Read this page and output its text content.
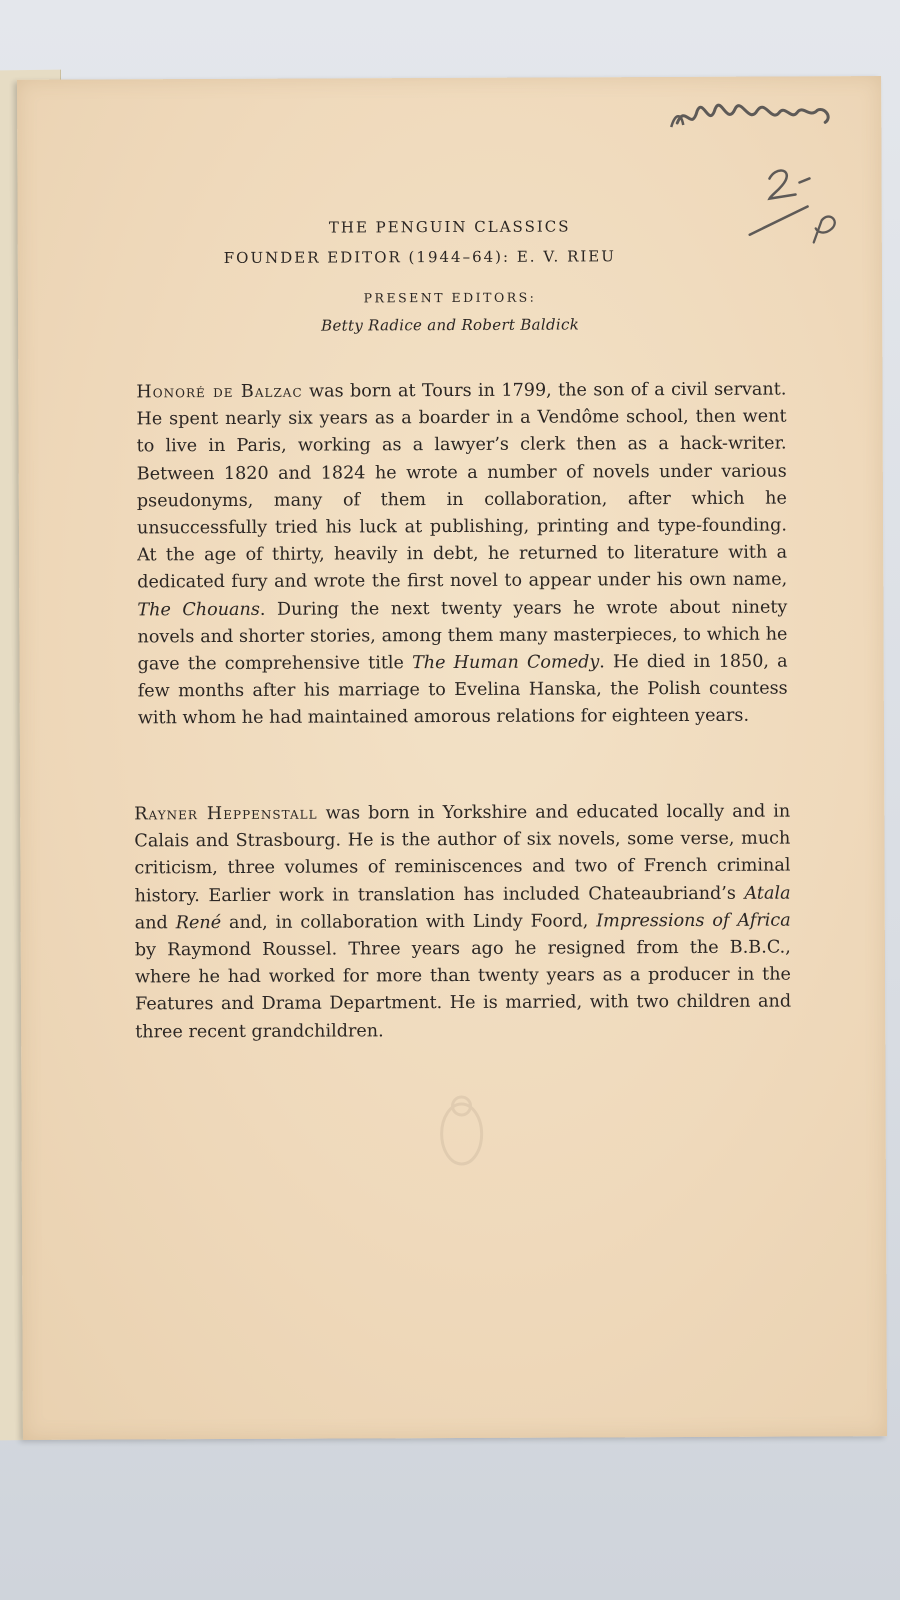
THE PENGUIN CLASSICS
FOUNDER EDITOR (1944–64): E. V. RIEU
PRESENT EDITORS:
Betty Radice and Robert Baldick
Honoré de Balzac was born at Tours in 1799, the son of a civil servant. He spent nearly six years as a boarder in a Vendôme school, then went to live in Paris, working as a lawyer’s clerk then as a hack-writer. Between 1820 and 1824 he wrote a number of novels under various pseudonyms, many of them in collaboration, after which he unsuccessfully tried his luck at publishing, printing and type-founding. At the age of thirty, heavily in debt, he returned to literature with a dedicated fury and wrote the first novel to appear under his own name, The Chouans. During the next twenty years he wrote about ninety novels and shorter stories, among them many masterpieces, to which he gave the comprehensive title The Human Comedy. He died in 1850, a few months after his marriage to Evelina Hanska, the Polish countess with whom he had maintained amorous relations for eighteen years.
Rayner Heppenstall was born in Yorkshire and educated locally and in Calais and Strasbourg. He is the author of six novels, some verse, much criticism, three volumes of reminiscences and two of French criminal history. Earlier work in translation has included Chateaubriand’s Atala and René and, in collaboration with Lindy Foord, Impressions of Africa by Raymond Roussel. Three years ago he resigned from the B.B.C., where he had worked for more than twenty years as a producer in the Features and Drama Department. He is married, with two children and three recent grandchildren.
